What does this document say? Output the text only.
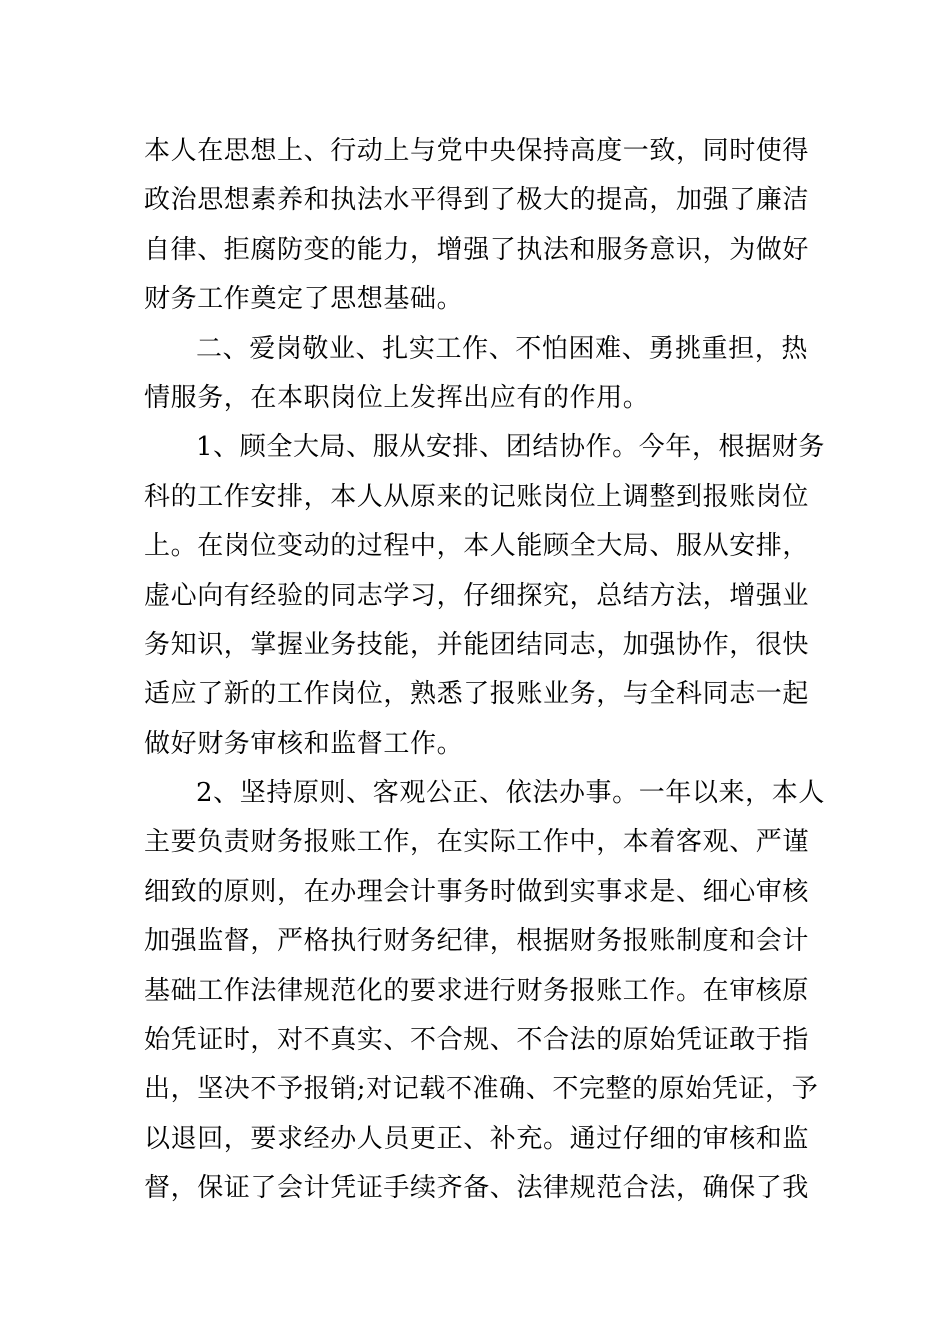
本人在思想上、行动上与党中央保持高度一致，同时使得
政治思想素养和执法水平得到了极大的提高，加强了廉洁
自律、拒腐防变的能力，增强了执法和服务意识，为做好
财务工作奠定了思想基础。
二、爱岗敬业、扎实工作、不怕困难、勇挑重担，热
情服务，在本职岗位上发挥出应有的作用。
1、顾全大局、服从安排、团结协作。今年，根据财务
科的工作安排，本人从原来的记账岗位上调整到报账岗位
上。在岗位变动的过程中，本人能顾全大局、服从安排，
虚心向有经验的同志学习，仔细探究，总结方法，增强业
务知识，掌握业务技能，并能团结同志，加强协作，很快
适应了新的工作岗位，熟悉了报账业务，与全科同志一起
做好财务审核和监督工作。
2、坚持原则、客观公正、依法办事。一年以来，本人
主要负责财务报账工作，在实际工作中，本着客观、严谨
细致的原则，在办理会计事务时做到实事求是、细心审核
加强监督，严格执行财务纪律，根据财务报账制度和会计
基础工作法律规范化的要求进行财务报账工作。在审核原
始凭证时，对不真实、不合规、不合法的原始凭证敢于指
出，坚决不予报销;对记载不准确、不完整的原始凭证，予
以退回，要求经办人员更正、补充。通过仔细的审核和监
督，保证了会计凭证手续齐备、法律规范合法，确保了我
